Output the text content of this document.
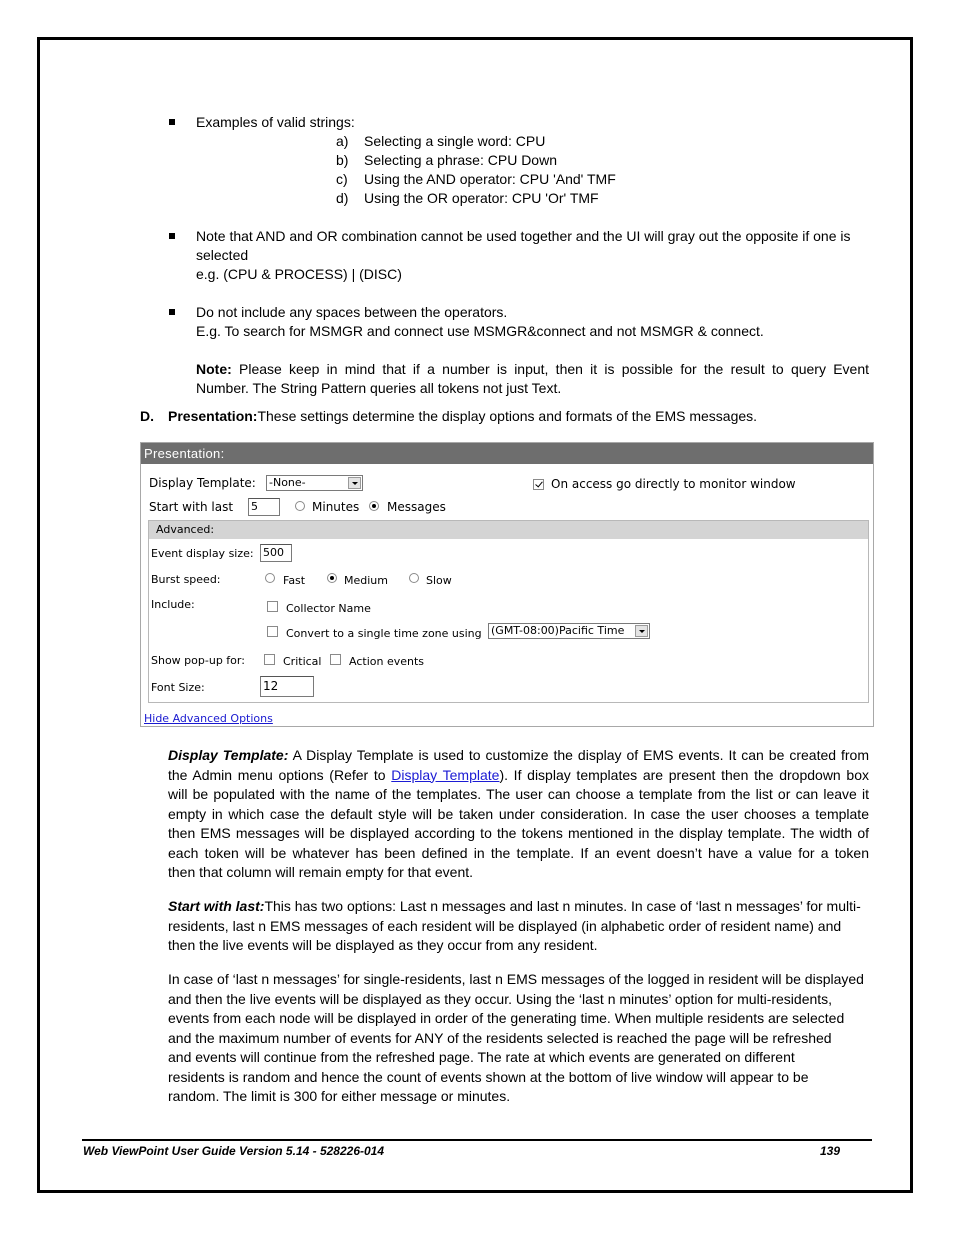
Examples of valid strings:
a) Selecting a single word: CPU
b) Selecting a phrase: CPU Down
c) Using the AND operator: CPU 'And' TMF
d) Using the OR operator: CPU 'Or' TMF
Note that AND and OR combination cannot be used together and the UI will gray out the opposite if one is
selected
e.g. (CPU & PROCESS) | (DISC)
Do not include any spaces between the operators.
E.g. To search for MSMGR and connect use MSMGR&connect and not MSMGR & connect.
Note: Please keep in mind that if a number is input, then it is possible for the result to query Event
Number. The String Pattern queries all tokens not just Text.
D. Presentation:These settings determine the display options and formats of the EMS messages.
Presentation:
Display Template: -None-	On access go directly to monitor window
Start with last 5	Minutes Messages
Advanced:
Event display size: 500
Burst speed:	Fast	Medium	Slow
Include:	Collector Name
Convert to a single time zone using (GMT-08:00)Pacific Time
Show pop-up for:	Critical	Action events
Font Size:	12
Hide Advanced Options
Display Template: A Display Template is used to customize the display of EMS events. It can be created from
the Admin menu options (Refer to Display Template). If display templates are present then the dropdown box
will be populated with the name of the templates. The user can choose a template from the list or can leave it
empty in which case the default style will be taken under consideration. In case the user chooses a template
then EMS messages will be displayed according to the tokens mentioned in the display template. The width of
each token will be whatever has been defined in the template. If an event doesn’t have a value for a token
then that column will remain empty for that event.
Start with last:This has two options: Last n messages and last n minutes. In case of ‘last n messages’ for multi-
residents, last n EMS messages of each resident will be displayed (in alphabetic order of resident name) and
then the live events will be displayed as they occur from any resident.
In case of ‘last n messages’ for single-residents, last n EMS messages of the logged in resident will be displayed
and then the live events will be displayed as they occur. Using the ‘last n minutes’ option for multi-residents,
events from each node will be displayed in order of the generating time. When multiple residents are selected
and the maximum number of events for ANY of the residents selected is reached the page will be refreshed
and events will continue from the refreshed page. The rate at which events are generated on different
residents is random and hence the count of events shown at the bottom of live window will appear to be
random. The limit is 300 for either message or minutes.
Web ViewPoint User Guide Version 5.14 - 528226-014	139
